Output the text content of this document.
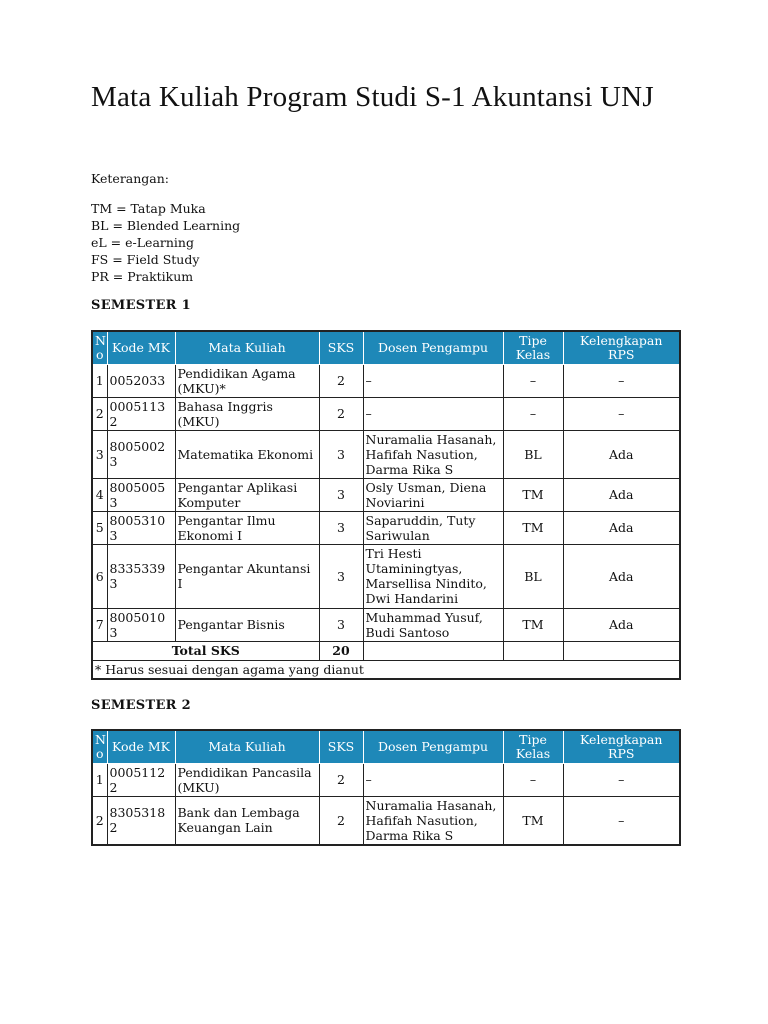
Mata Kuliah Program Studi S-1 Akuntansi UNJ
Keterangan:
TM = Tatap Muka
BL = Blended Learning
eL = e-Learning
FS = Field Study
PR = Praktikum
SEMESTER 1
N o	Kode MK	Mata Kuliah	SKS	Dosen Pengampu	Tipe Kelas	Kelengkapan RPS
1	0052033	Pendidikan Agama (MKU)*	2	–	–	–
2	00051132	Bahasa Inggris (MKU)	2	–	–	–
3	80050023	Matematika Ekonomi	3	Nuramalia Hasanah, Hafifah Nasution, Darma Rika S	BL	Ada
4	80050053	Pengantar Aplikasi Komputer	3	Osly Usman, Diena Noviarini	TM	Ada
5	80053103	Pengantar Ilmu Ekonomi I	3	Saparuddin, Tuty Sariwulan	TM	Ada
6	83353393	Pengantar Akuntansi I	3	Tri Hesti Utaminingtyas, Marsellisa Nindito, Dwi Handarini	BL	Ada
7	80050103	Pengantar Bisnis	3	Muhammad Yusuf, Budi Santoso	TM	Ada
Total SKS			20			
* Harus sesuai dengan agama yang dianut						
SEMESTER 2
N o	Kode MK	Mata Kuliah	SKS	Dosen Pengampu	Tipe Kelas	Kelengkapan RPS
1	00051122	Pendidikan Pancasila (MKU)	2	–	–	–
2	83053182	Bank dan Lembaga Keuangan Lain	2	Nuramalia Hasanah, Hafifah Nasution, Darma Rika S	TM	–
